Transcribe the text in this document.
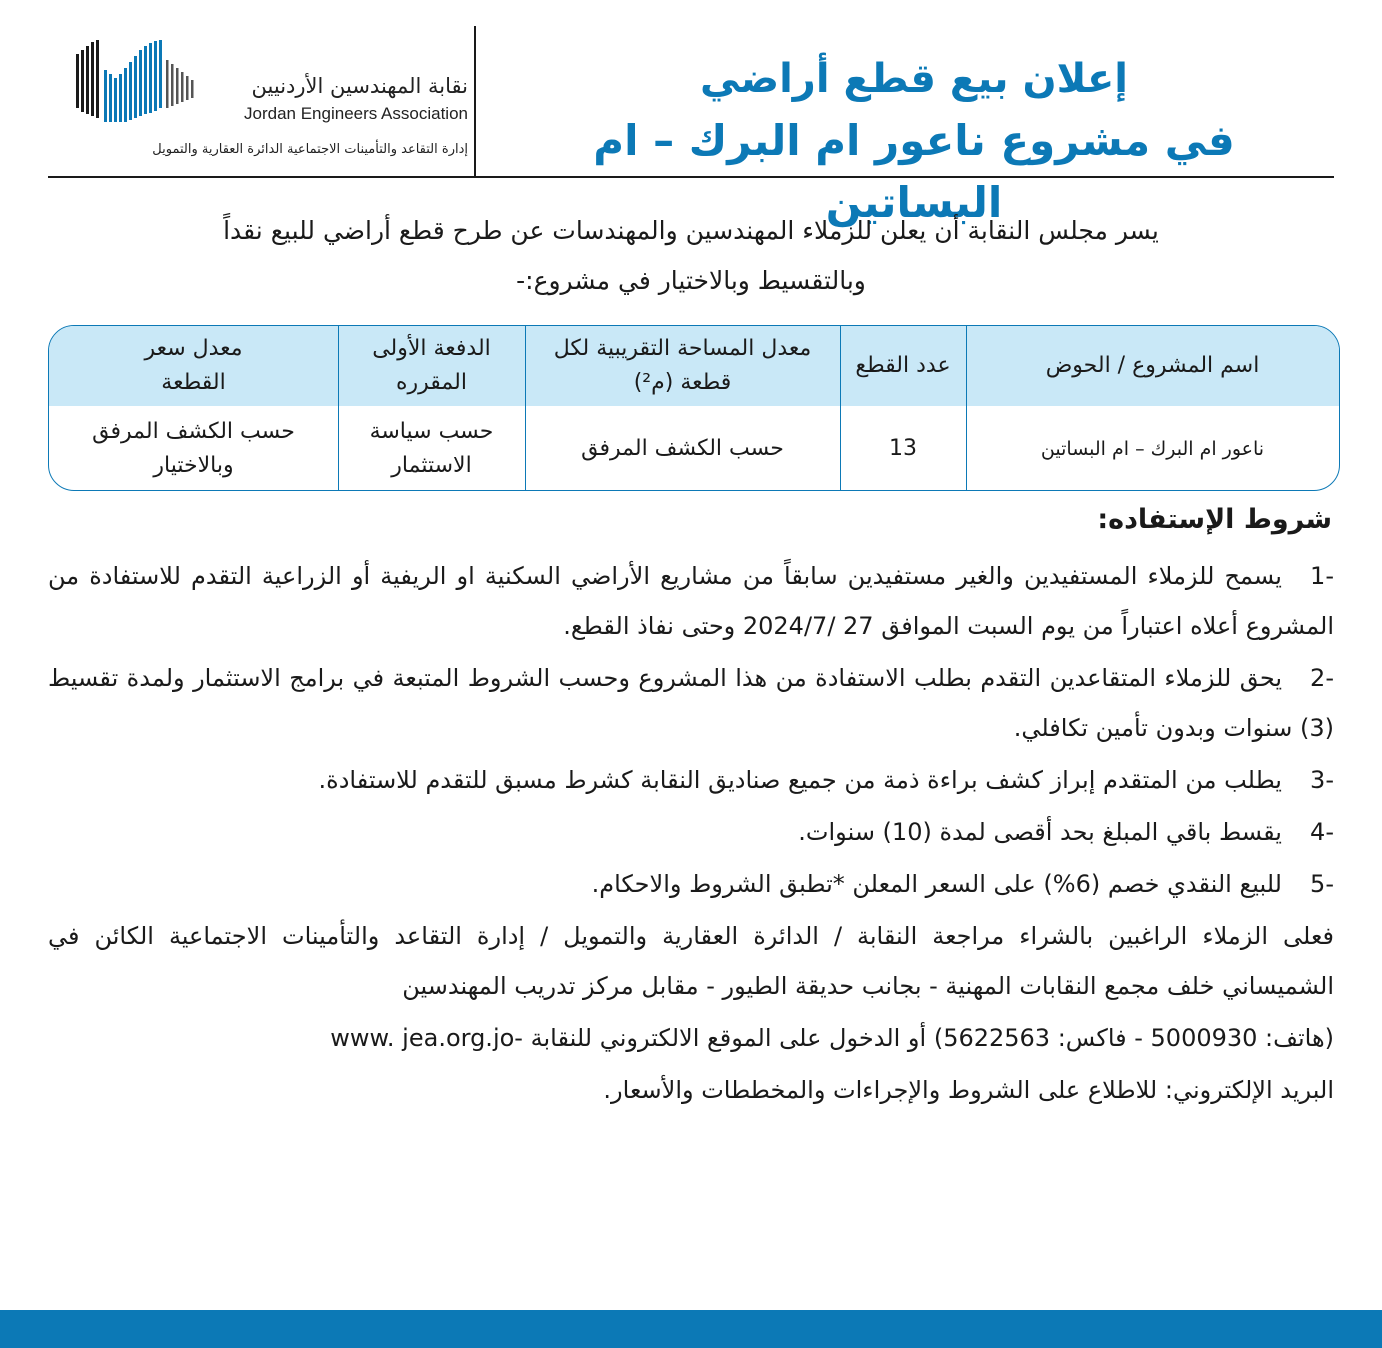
نقابة المهندسين الأردنيين
Jordan Engineers Association
إدارة التقاعد والتأمينات الاجتماعية الدائرة العقارية والتمويل
إعلان بيع قطع أراضي
في مشروع ناعور ام البرك – ام البساتين
يسر مجلس النقابة أن يعلن للزملاء المهندسين والمهندسات عن طرح قطع أراضي للبيع نقداً
وبالتقسيط وبالاختيار في مشروع:-
اسم المشروع / الحوض
عدد القطع
معدل المساحة التقريبية لكل قطعة (م²)
الدفعة الأولى المقرره
معدل سعر القطعة
ناعور ام البرك – ام البساتين
13
حسب الكشف المرفق
حسب سياسة الاستثمار
حسب الكشف المرفق وبالاختيار
شروط الإستفاده:

-1يسمح للزملاء المستفيدين والغير مستفيدين سابقاً من مشاريع الأراضي السكنية او الريفية أو الزراعية التقدم للاستفادة من المشروع أعلاه اعتباراً من يوم السبت الموافق 27 /2024/7 وحتى نفاذ القطع.

-2يحق للزملاء المتقاعدين التقدم بطلب الاستفادة من هذا المشروع وحسب الشروط المتبعة في برامج الاستثمار ولمدة تقسيط (3) سنوات وبدون تأمين تكافلي.

-3يطلب من المتقدم إبراز كشف براءة ذمة من جميع صناديق النقابة كشرط مسبق للتقدم للاستفادة.

-4يقسط باقي المبلغ بحد أقصى لمدة (10) سنوات.

-5للبيع النقدي خصم (6%) على السعر المعلن *تطبق الشروط والاحكام.

فعلى الزملاء الراغبين بالشراء مراجعة النقابة / الدائرة العقارية والتمويل / إدارة التقاعد والتأمينات الاجتماعية الكائن في الشميساني خلف مجمع النقابات المهنية - بجانب حديقة الطيور - مقابل مركز تدريب المهندسين

(هاتف: 5000930 - فاكس: 5622563) أو الدخول على الموقع الالكتروني للنقابة -www. jea.org.jo

البريد الإلكتروني: للاطلاع على الشروط والإجراءات والمخططات والأسعار.
